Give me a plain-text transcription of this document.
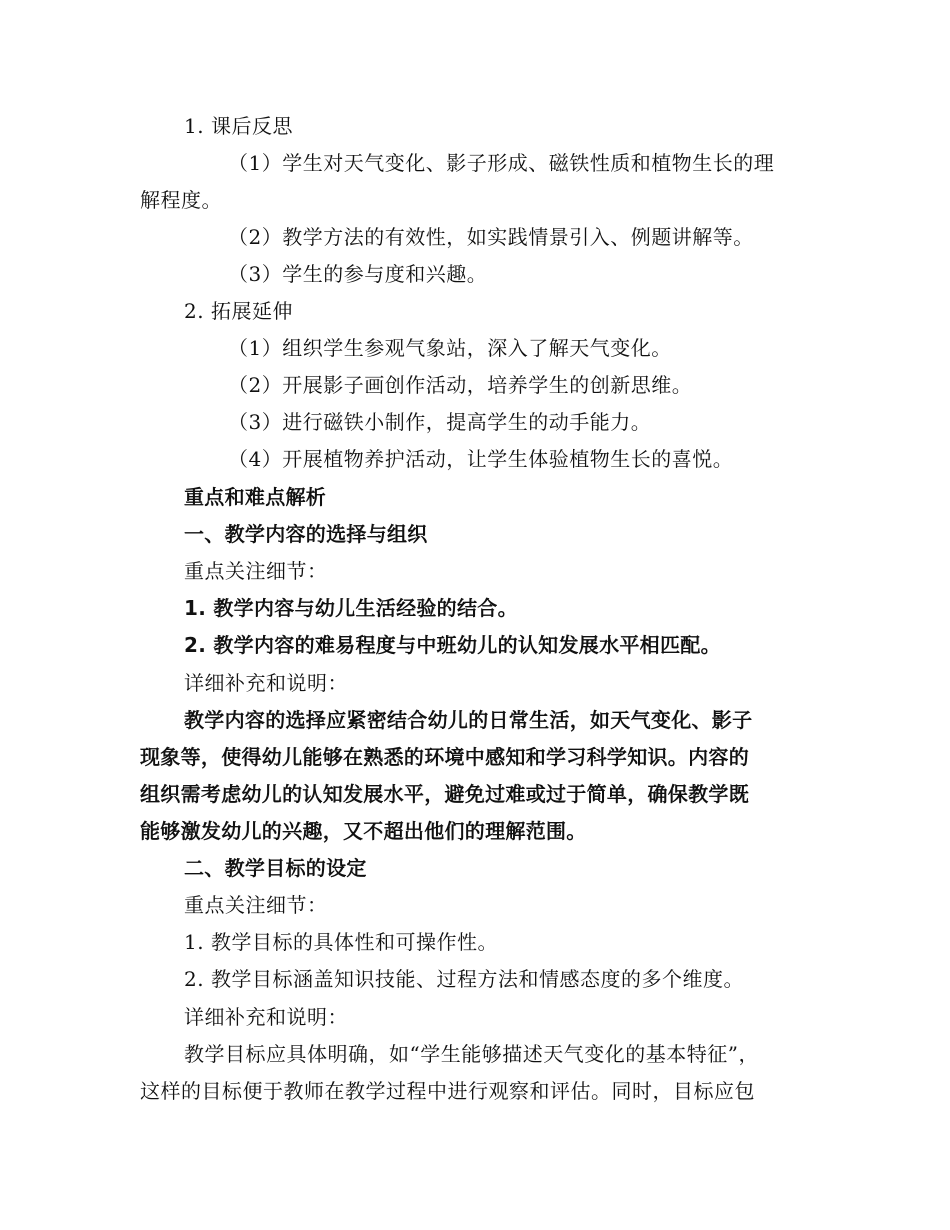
1. 课后反思
（1）学生对天气变化、影子形成、磁铁性质和植物生长的理
解程度。
（2）教学方法的有效性，如实践情景引入、例题讲解等。
（3）学生的参与度和兴趣。
2. 拓展延伸
（1）组织学生参观气象站，深入了解天气变化。
（2）开展影子画创作活动，培养学生的创新思维。
（3）进行磁铁小制作，提高学生的动手能力。
（4）开展植物养护活动，让学生体验植物生长的喜悦。
重点和难点解析
一、教学内容的选择与组织
重点关注细节：
1. 教学内容与幼儿生活经验的结合。
2. 教学内容的难易程度与中班幼儿的认知发展水平相匹配。
详细补充和说明：
教学内容的选择应紧密结合幼儿的日常生活，如天气变化、影子
现象等，使得幼儿能够在熟悉的环境中感知和学习科学知识。内容的
组织需考虑幼儿的认知发展水平，避免过难或过于简单，确保教学既
能够激发幼儿的兴趣，又不超出他们的理解范围。
二、教学目标的设定
重点关注细节：
1. 教学目标的具体性和可操作性。
2. 教学目标涵盖知识技能、过程方法和情感态度的多个维度。
详细补充和说明：
教学目标应具体明确，如“学生能够描述天气变化的基本特征”，
这样的目标便于教师在教学过程中进行观察和评估。同时，目标应包
